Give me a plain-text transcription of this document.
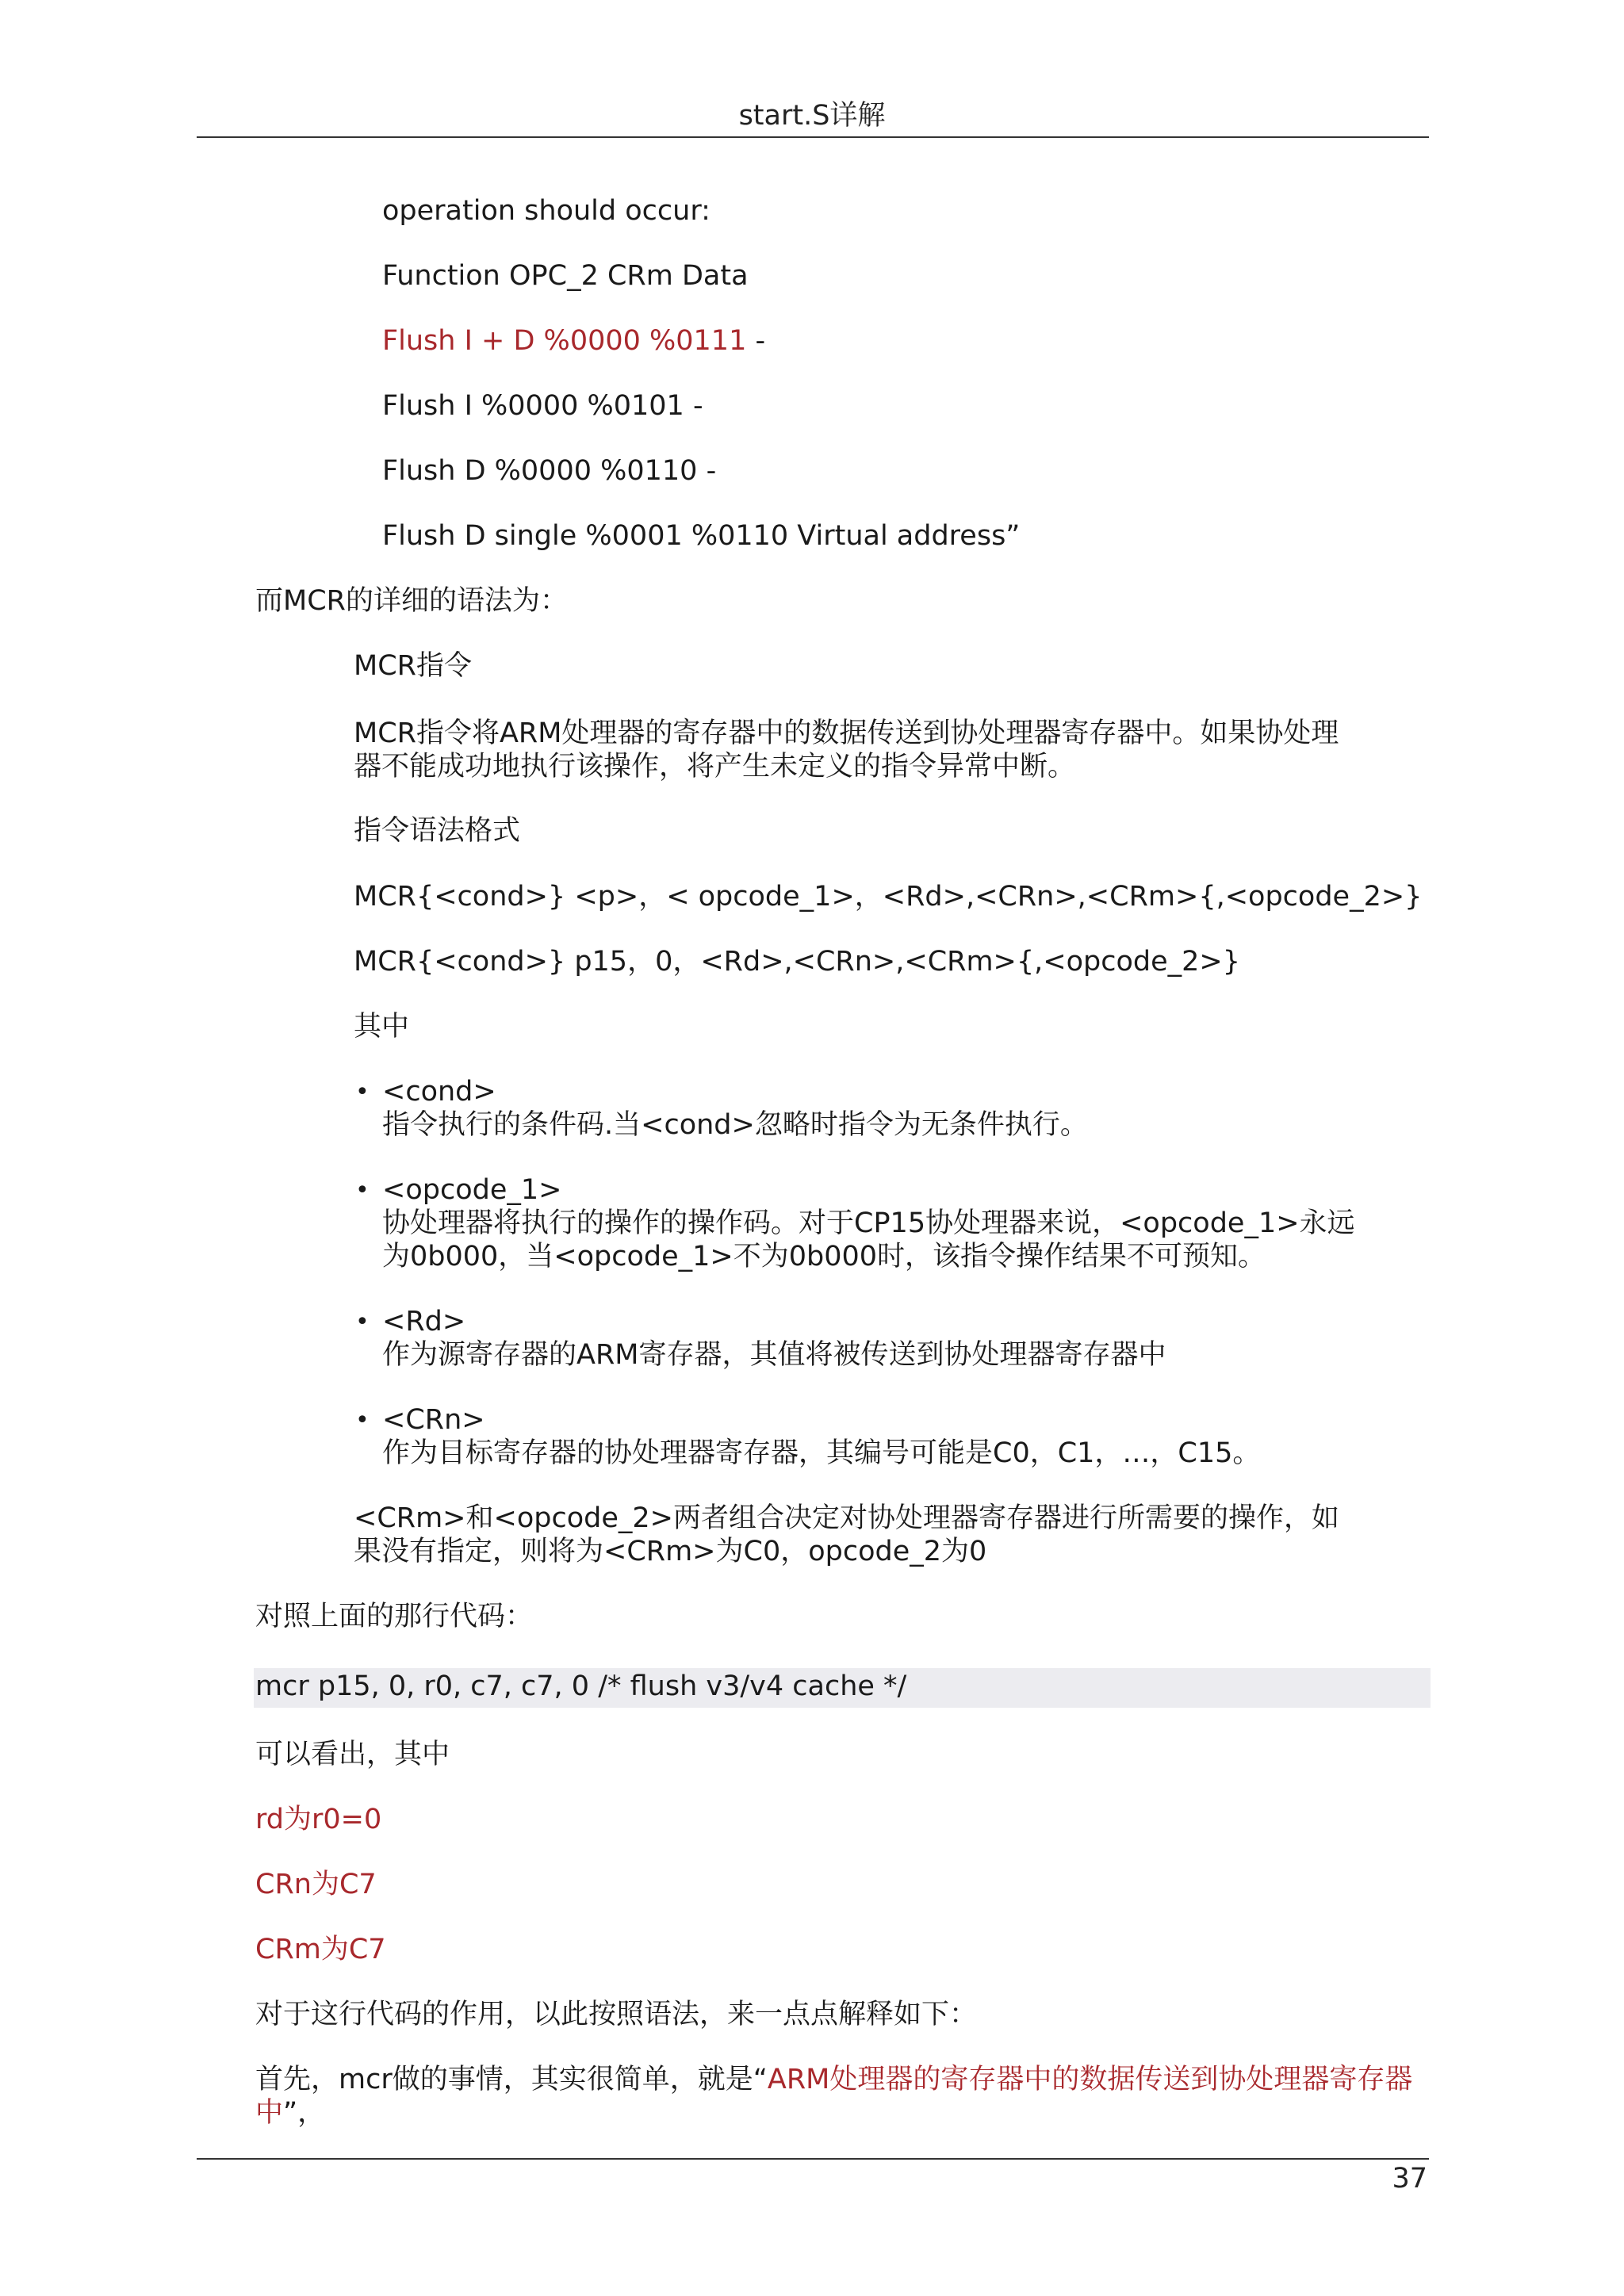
start.S详解
operation should occur:
Function OPC_2 CRm Data
Flush I + D %0000 %0111 -
Flush I %0000 %0101 -
Flush D %0000 %0110 -
Flush D single %0001 %0110 Virtual address”
而MCR的详细的语法为：
MCR指令
MCR指令将ARM处理器的寄存器中的数据传送到协处理器寄存器中。如果协处理
器不能成功地执行该操作，将产生未定义的指令异常中断。
指令语法格式
MCR{<cond>} <p>，< opcode_1>，<Rd>,<CRn>,<CRm>{,<opcode_2>}
MCR{<cond>} p15，0，<Rd>,<CRn>,<CRm>{,<opcode_2>}
其中
• <cond>
指令执行的条件码.当<cond>忽略时指令为无条件执行。
• <opcode_1>
协处理器将执行的操作的操作码。对于CP15协处理器来说，<opcode_1>永远
为0b000，当<opcode_1>不为0b000时，该指令操作结果不可预知。
• <Rd>
作为源寄存器的ARM寄存器，其值将被传送到协处理器寄存器中
• <CRn>
作为目标寄存器的协处理器寄存器，其编号可能是C0，C1，…，C15。
<CRm>和<opcode_2>两者组合决定对协处理器寄存器进行所需要的操作，如
果没有指定，则将为<CRm>为C0，opcode_2为0
对照上面的那行代码：
mcr p15, 0, r0, c7, c7, 0 /* flush v3/v4 cache */
可以看出，其中
rd为r0=0
CRn为C7
CRm为C7
对于这行代码的作用，以此按照语法，来一点点解释如下：
首先，mcr做的事情，其实很简单，就是“ARM处理器的寄存器中的数据传送到协处理器寄存器
中”，
37
